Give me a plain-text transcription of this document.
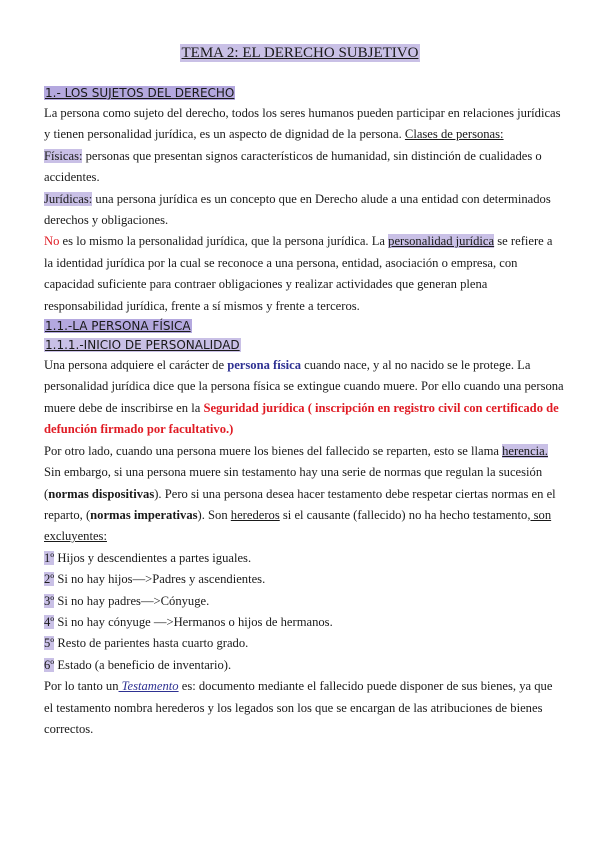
TEMA 2: EL DERECHO SUBJETIVO
1.- LOS SUJETOS DEL DERECHO

La persona como sujeto del derecho, todos los seres humanos pueden participar en relaciones jurídicas y tienen personalidad jurídica, es un aspecto de dignidad de la persona. Clases de personas:

Físicas: personas que presentan signos característicos de humanidad, sin distinción de cualidades o accidentes.

Jurídicas: una persona jurídica es un concepto que en Derecho alude a una entidad con determinados derechos y obligaciones.

No es lo mismo la personalidad jurídica, que la persona jurídica. La personalidad jurídica se refiere a la identidad jurídica por la cual se reconoce a una persona, entidad, asociación o empresa, con capacidad suficiente para contraer obligaciones y realizar actividades que generan plena responsabilidad jurídica, frente a sí mismos y frente a terceros.

1.1.-LA PERSONA FÍSICA
1.1.1.-INICIO DE PERSONALIDAD

Una persona adquiere el carácter de persona física cuando nace, y al no nacido se le protege. La personalidad jurídica dice que la persona física se extingue cuando muere. Por ello cuando una persona muere debe de inscribirse en la Seguridad jurídica ( inscripción en registro civil con certificado de defunción firmado por facultativo.)

Por otro lado, cuando una persona muere los bienes del fallecido se reparten, esto se llama herencia. Sin embargo, si una persona muere sin testamento hay una serie de normas que regulan la sucesión (normas dispositivas). Pero si una persona desea hacer testamento debe respetar ciertas normas en el reparto, (normas imperativas). Son herederos si el causante (fallecido) no ha hecho testamento, son excluyentes:

1º Hijos y descendientes a partes iguales.

2º Si no hay hijos—>Padres y ascendientes.

3º Si no hay padres—>Cónyuge.

4º Si no hay cónyuge —>Hermanos o hijos de hermanos.

5º Resto de parientes hasta cuarto grado.

6º Estado (a beneficio de inventario).

Por lo tanto un Testamento es: documento mediante el fallecido puede disponer de sus bienes, ya que el testamento nombra herederos y los legados son los que se encargan de las atribuciones de bienes correctos.
